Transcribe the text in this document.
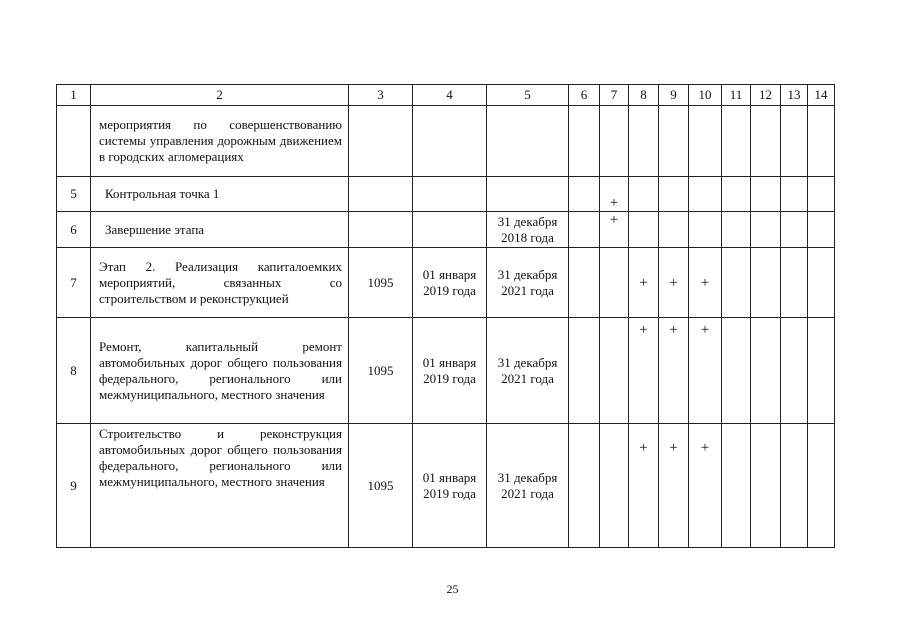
1	2	3	4	5	6	7	8	9	10	11	12	13	14
	мероприятия по совершенствованию системы управления дорожным движением в городских агломерациях												
5	Контрольная точка 1					+							
6	Завершение этапа			31 декабря 2018 года		+							
7	Этап 2. Реализация капиталоемких мероприятий, связанных со строительством и реконструкцией	1095	01 января 2019 года	31 декабря 2021 года			+	+	+				
8	Ремонт, капитальный ремонт автомобильных дорог общего пользования федерального, регионального или межмуниципального, местного значения	1095	01 января 2019 года	31 декабря 2021 года			+	+	+				
9	Строительство и реконструкция автомобильных дорог общего пользования федерального, регионального или межмуниципального, местного значения	1095	01 января 2019 года	31 декабря 2021 года			+	+	+				
25
